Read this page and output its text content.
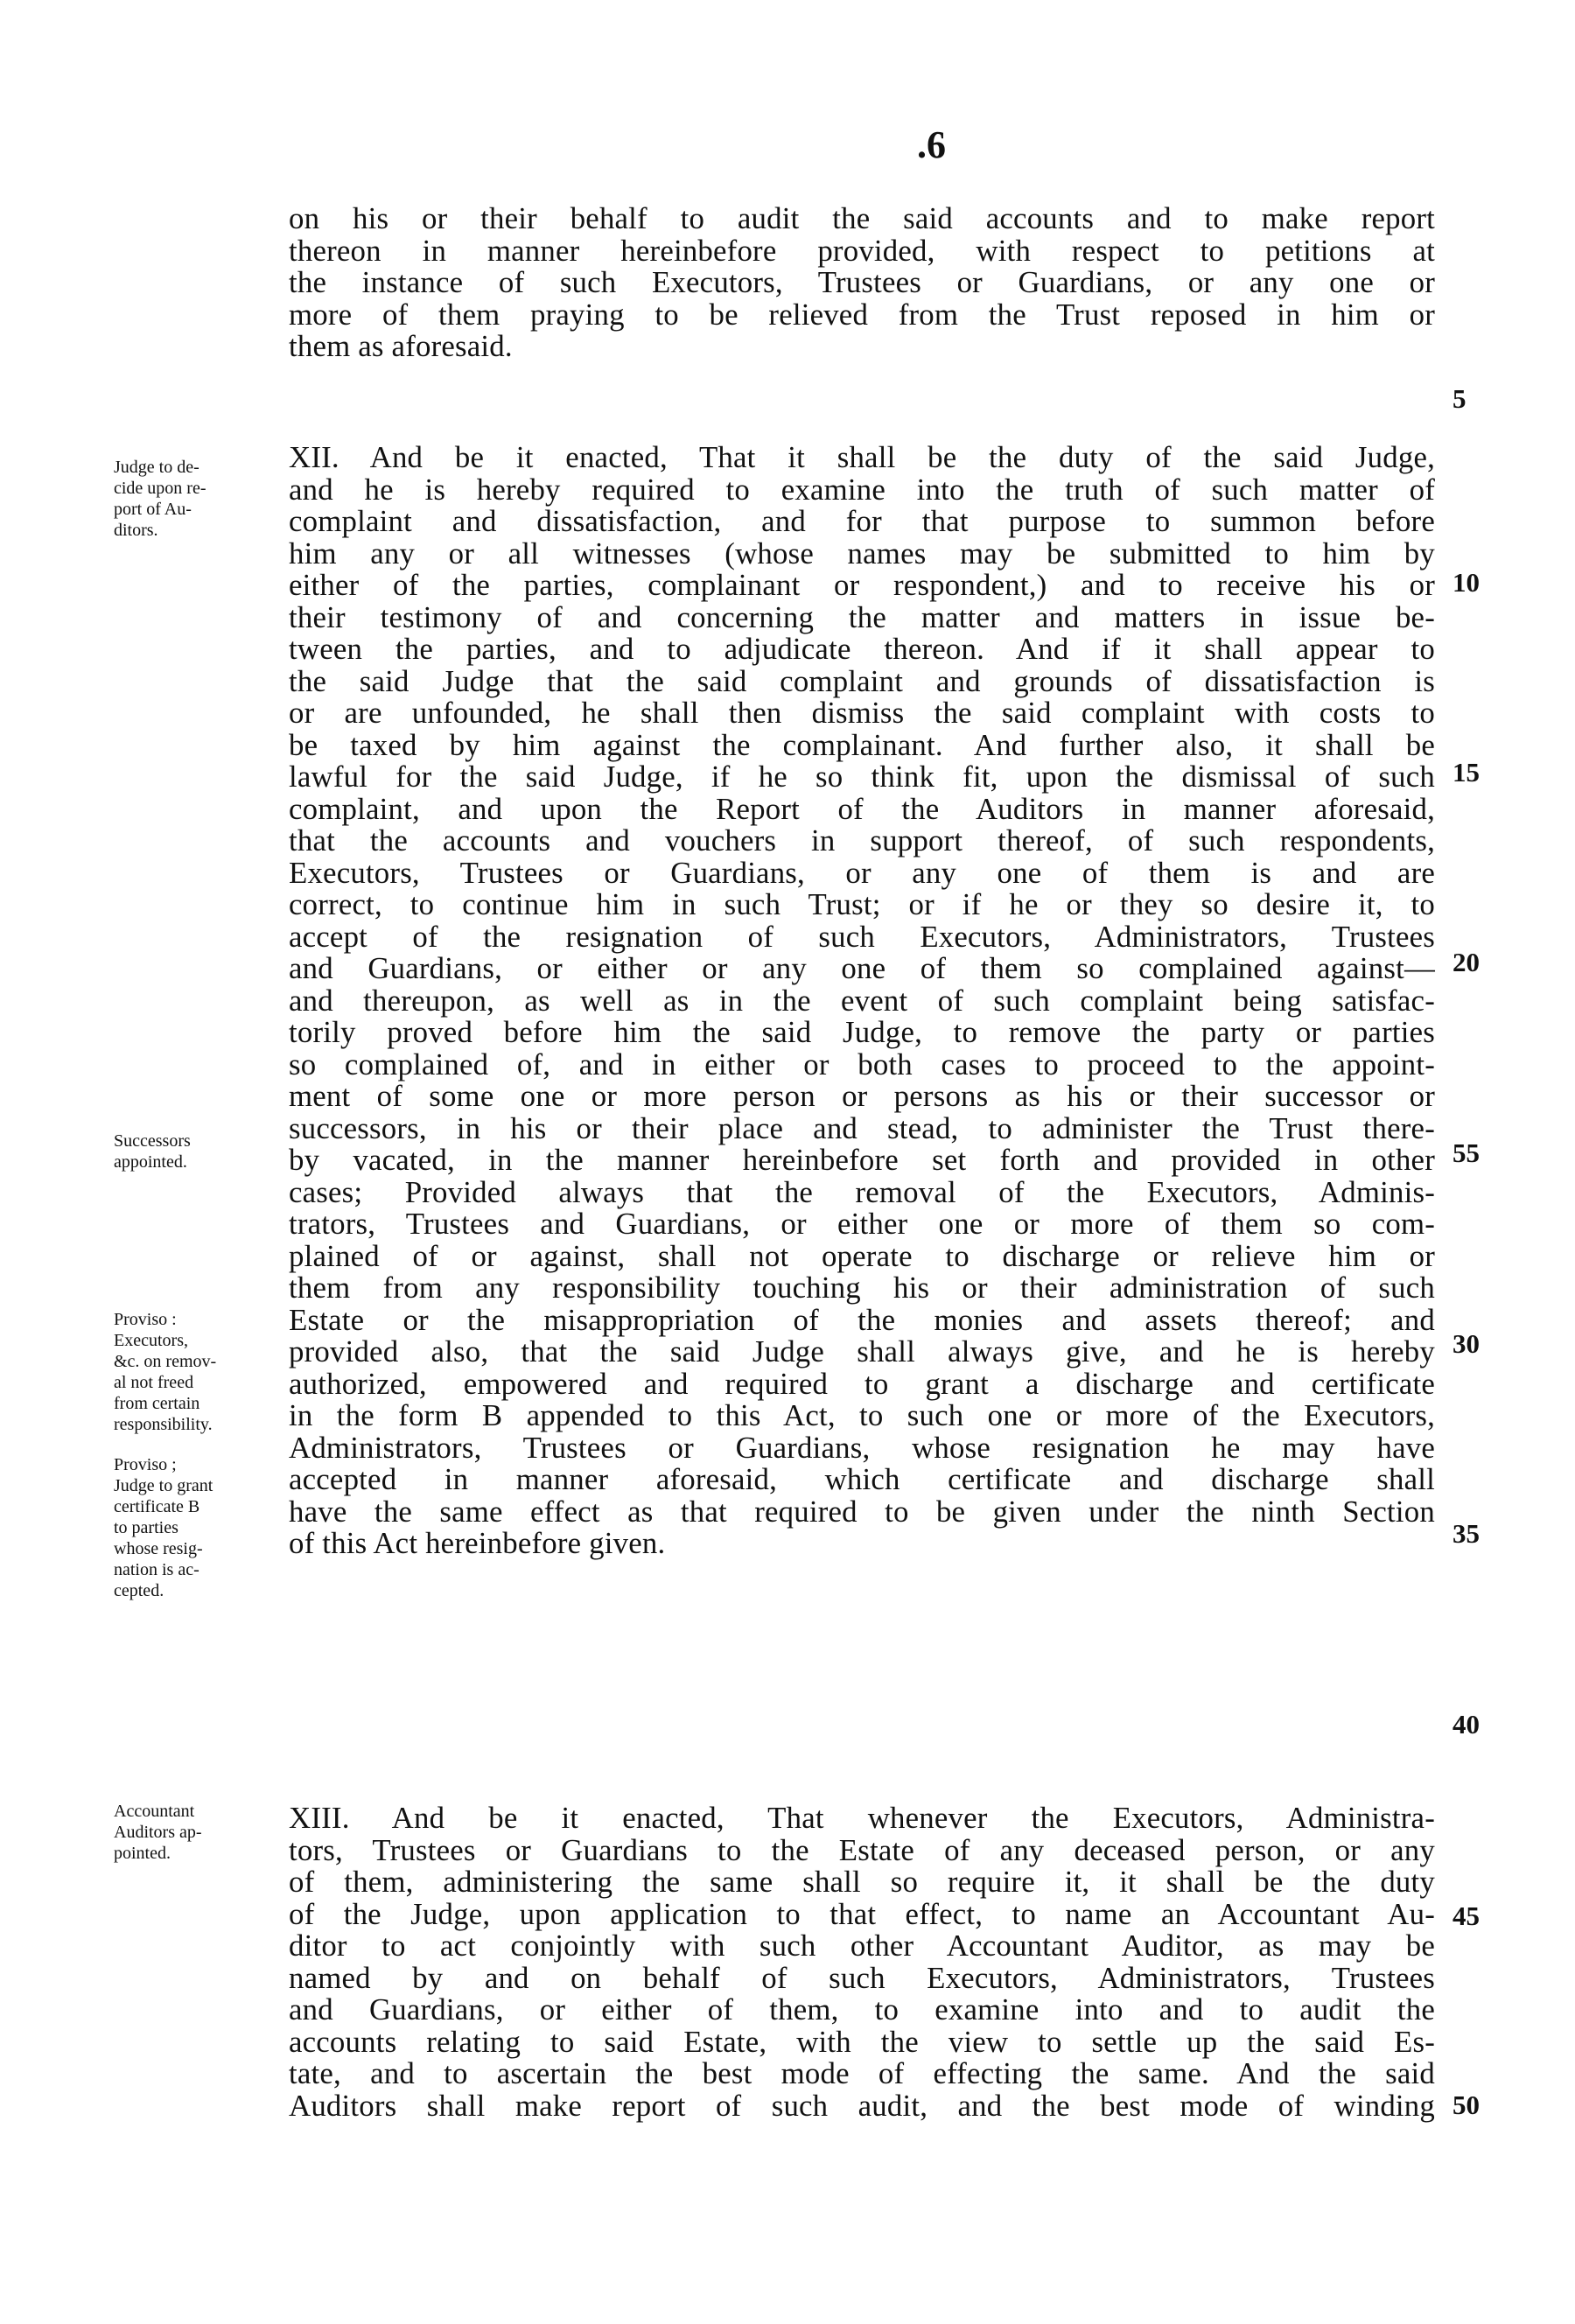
.6
on his or their behalf to audit the said accounts and to make report
thereon in manner hereinbefore provided, with respect to petitions at
the instance of such Executors, Trustees or Guardians, or any one or
more of them praying to be relieved from the Trust reposed in him or
them as aforesaid.
XII. And be it enacted, That it shall be the duty of the said Judge,
and he is hereby required to examine into the truth of such matter of
complaint and dissatisfaction, and for that purpose to summon before
him any or all witnesses (whose names may be submitted to him by
either of the parties, complainant or respondent,) and to receive his or
their testimony of and concerning the matter and matters in issue be-
tween the parties, and to adjudicate thereon. And if it shall appear to
the said Judge that the said complaint and grounds of dissatisfaction is
or are unfounded, he shall then dismiss the said complaint with costs to
be taxed by him against the complainant. And further also, it shall be
lawful for the said Judge, if he so think fit, upon the dismissal of such
complaint, and upon the Report of the Auditors in manner aforesaid,
that the accounts and vouchers in support thereof, of such respondents,
Executors, Trustees or Guardians, or any one of them is and are
correct, to continue him in such Trust; or if he or they so desire it, to
accept of the resignation of such Executors, Administrators, Trustees
and Guardians, or either or any one of them so complained against—
and thereupon, as well as in the event of such complaint being satisfac-
torily proved before him the said Judge, to remove the party or parties
so complained of, and in either or both cases to proceed to the appoint-
ment of some one or more person or persons as his or their successor or
successors, in his or their place and stead, to administer the Trust there-
by vacated, in the manner hereinbefore set forth and provided in other
cases; Provided always that the removal of the Executors, Adminis-
trators, Trustees and Guardians, or either one or more of them so com-
plained of or against, shall not operate to discharge or relieve him or
them from any responsibility touching his or their administration of such
Estate or the misappropriation of the monies and assets thereof; and
provided also, that the said Judge shall always give, and he is hereby
authorized, empowered and required to grant a discharge and certificate
in the form B appended to this Act, to such one or more of the Executors,
Administrators, Trustees or Guardians, whose resignation he may have
accepted in manner aforesaid, which certificate and discharge shall
have the same effect as that required to be given under the ninth Section
of this Act hereinbefore given.
XIII. And be it enacted, That whenever the Executors, Administra-
tors, Trustees or Guardians to the Estate of any deceased person, or any
of them, administering the same shall so require it, it shall be the duty
of the Judge, upon application to that effect, to name an Accountant Au-
ditor to act conjointly with such other Accountant Auditor, as may be
named by and on behalf of such Executors, Administrators, Trustees
and Guardians, or either of them, to examine into and to audit the
accounts relating to said Estate, with the view to settle up the said Es-
tate, and to ascertain the best mode of effecting the same. And the said
Auditors shall make report of such audit, and the best mode of winding
Judge to de-
cide upon re-
port of Au-
ditors.
Successors
appointed.
Proviso :
Executors,
&c. on remov-
al not freed
from certain
responsibility.
Proviso ;
Judge to grant
certificate B
to parties
whose resig-
nation is ac-
cepted.
Accountant
Auditors ap-
pointed.
5
10
15
20
55
30
35
40
45
50
